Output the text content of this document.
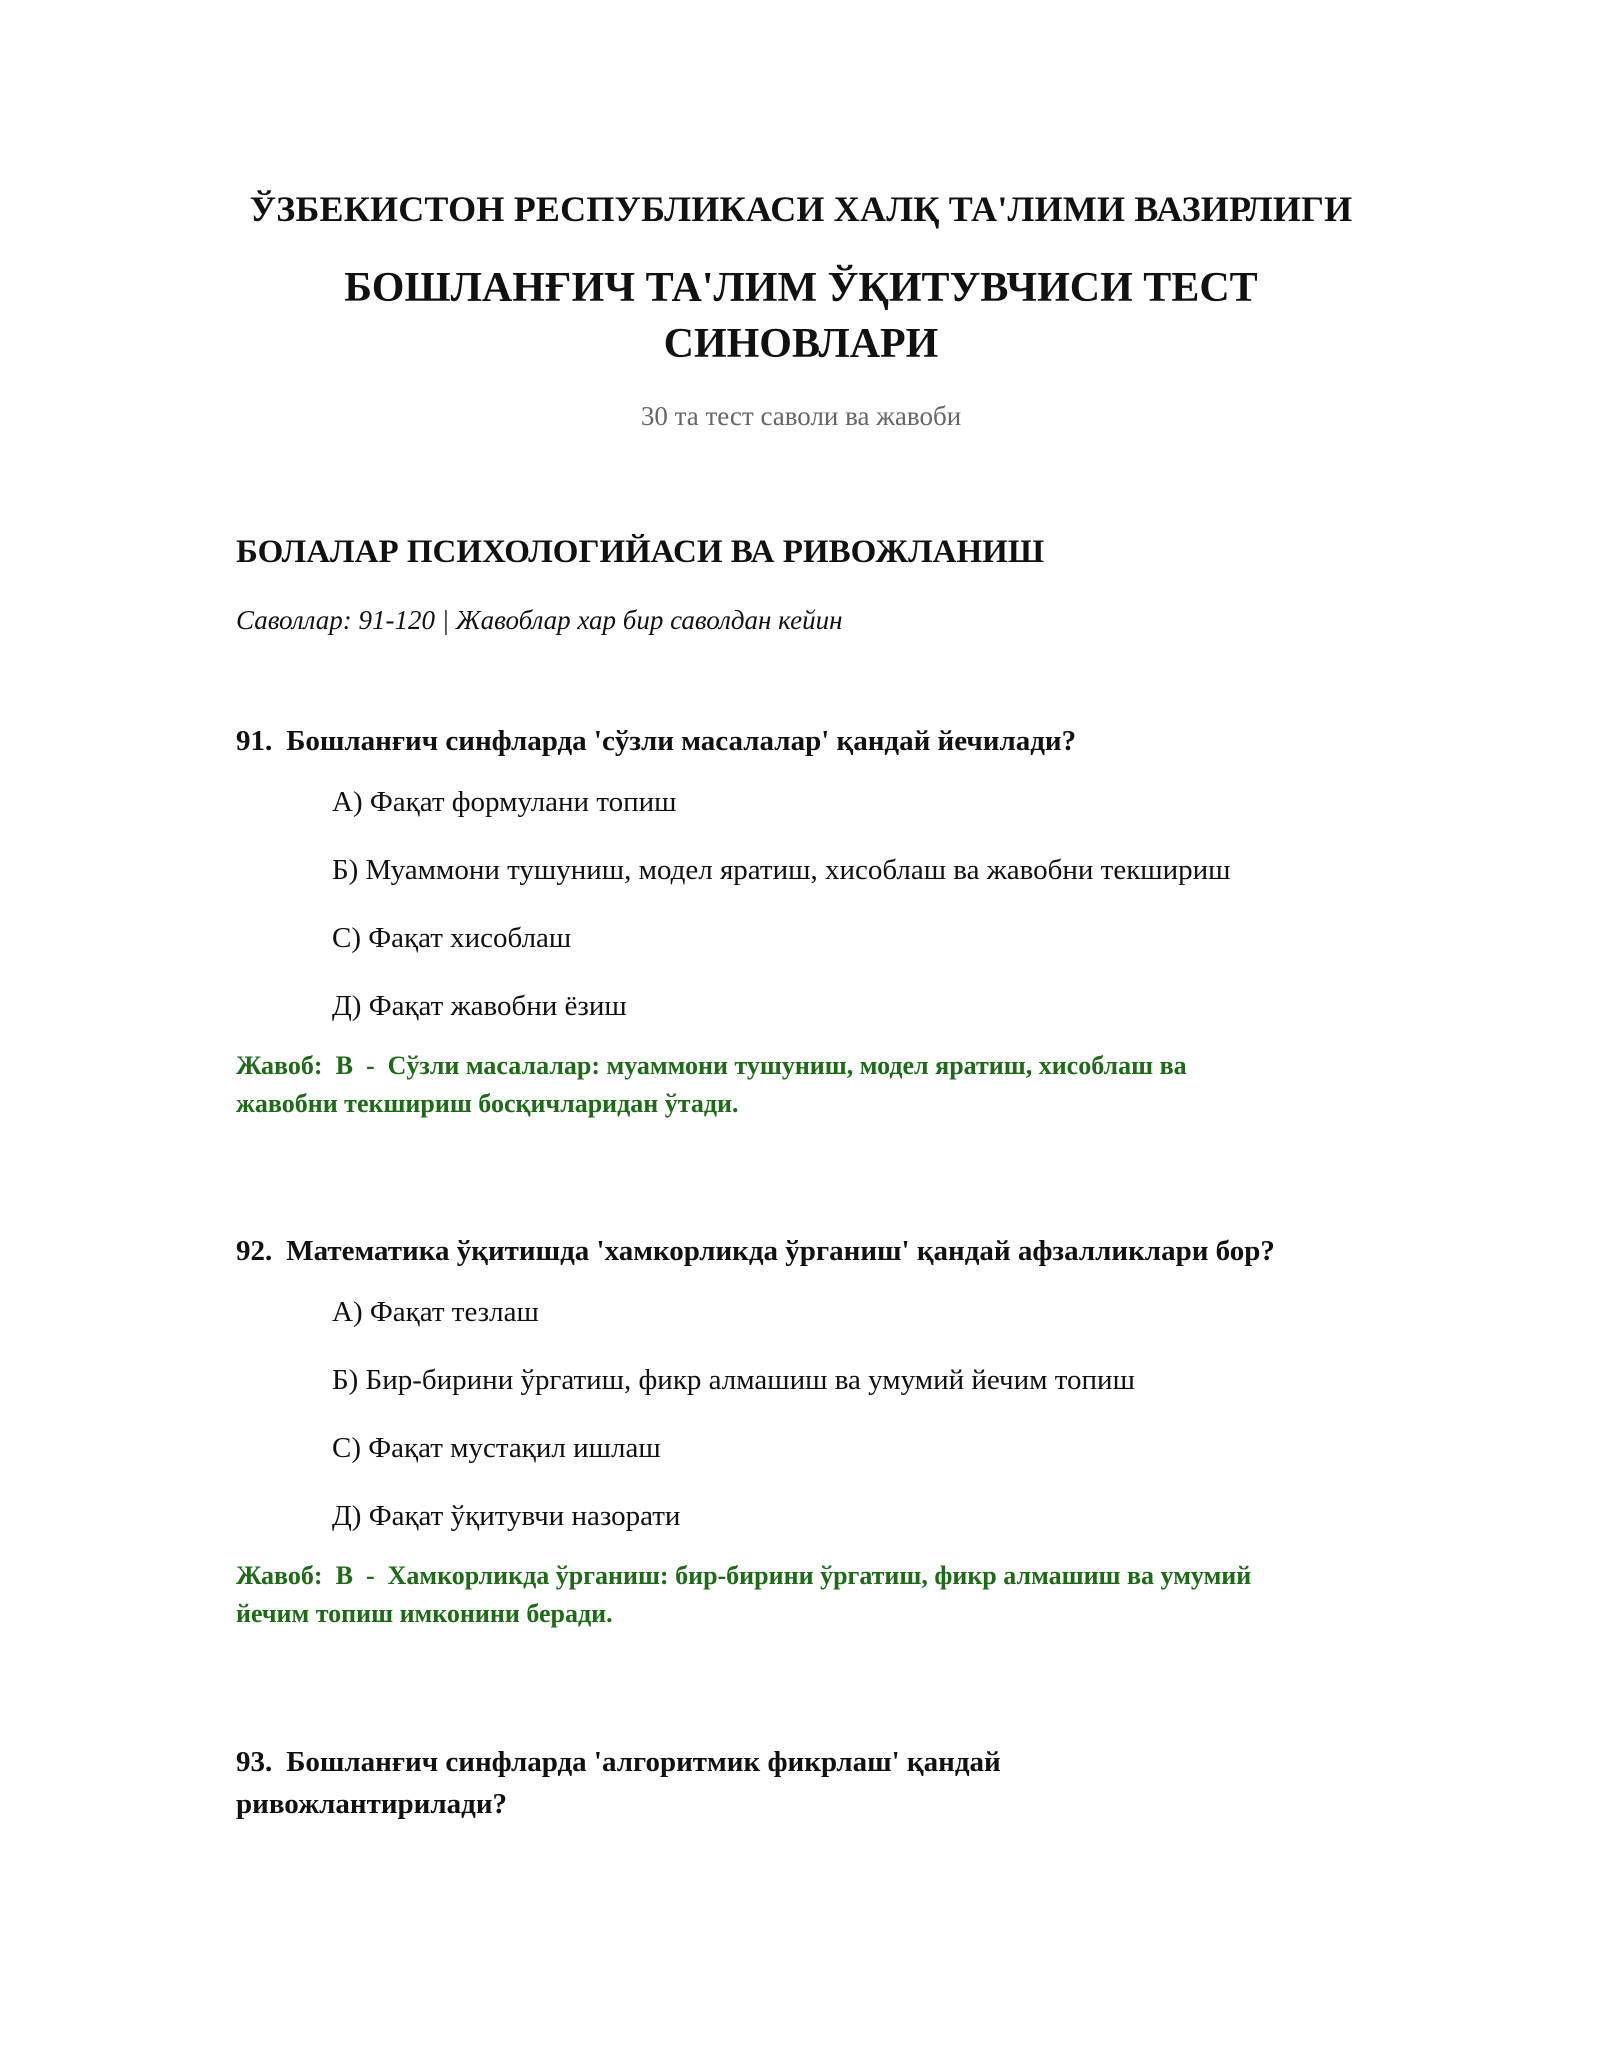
ЎЗБЕКИСТОН РЕСПУБЛИКАСИ ХАЛҚ ТА'ЛИМИ ВАЗИРЛИГИ
БОШЛАНҒИЧ ТА'ЛИМ ЎҚИТУВЧИСИ ТЕСТ
СИНОВЛАРИ
30 та тест саволи ва жавоби
БОЛАЛАР ПСИХОЛОГИЙАСИ ВА РИВОЖЛАНИШ
Саволлар: 91-120 | Жавоблар хар бир саволдан кейин

91. Бошланғич синфларда 'сўзли масалалар' қандай йечилади?

А) Фақат формулани топиш
Б) Муаммони тушуниш, модел яратиш, хисоблаш ва жавобни текшириш
С) Фақат хисоблаш
Д) Фақат жавобни ёзиш
Жавоб: B  -  Сўзли масалалар: муаммони тушуниш, модел яратиш, хисоблаш ва
жавобни текшириш босқичларидан ўтади.

92. Математика ўқитишда 'хамкорликда ўрганиш' қандай афзалликлари бор?

А) Фақат тезлаш
Б) Бир-бирини ўргатиш, фикр алмашиш ва умумий йечим топиш
С) Фақат мустақил ишлаш
Д) Фақат ўқитувчи назорати
Жавоб: B  -  Хамкорликда ўрганиш: бир-бирини ўргатиш, фикр алмашиш ва умумий
йечим топиш имконини беради.

93. Бошланғич синфларда 'алгоритмик фикрлаш' қандай
ривожлантирилади?
